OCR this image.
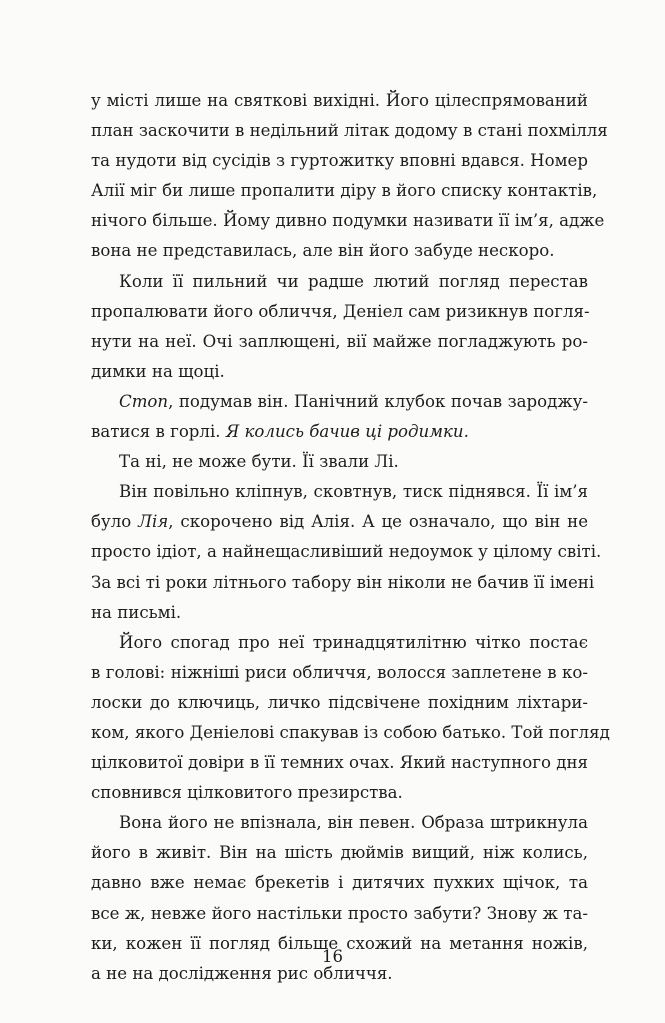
у місті лише на святкові вихідні. Його цілеспрямований
план заскочити в недільний літак додому в стані похмілля
та нудоти від сусідів з гуртожитку вповні вдався. Номер
Алії міг би лише пропалити діру в його списку контактів,
нічого більше. Йому дивно подумки називати її ім’я, адже
вона не представилась, але він його забуде нескоро.
Коли її пильний чи радше лютий погляд перестав
пропалювати його обличчя, Деніел сам ризикнув погля-
нути на неї. Очі заплющені, вії майже погладжують ро-
димки на щоці.
Стоп, подумав він. Панічний клубок почав зароджу-
ватися в горлі. Я колись бачив ці родимки.
Та ні, не може бути. Її звали Лі.
Він повільно кліпнув, сковтнув, тиск піднявся. Її ім’я
було Лія, скорочено від Алія. А це означало, що він не
просто ідіот, а найнещасливіший недоумок у цілому світі.
За всі ті роки літнього табору він ніколи не бачив її імені
на письмі.
Його спогад про неї тринадцятилітню чітко постає
в голові: ніжніші риси обличчя, волосся заплетене в ко-
лоски до ключиць, личко підсвічене похідним ліхтари-
ком, якого Деніелові спакував із собою батько. Той погляд
цілковитої довіри в її темних очах. Який наступного дня
сповнився цілковитого презирства.
Вона його не впізнала, він певен. Образа штрикнула
його в живіт. Він на шість дюймів вищий, ніж колись,
давно вже немає брекетів і дитячих пухких щічок, та
все ж, невже його настільки просто забути? Знову ж та-
ки, кожен її погляд більше схожий на метання ножів,
а не на дослідження рис обличчя.
16
